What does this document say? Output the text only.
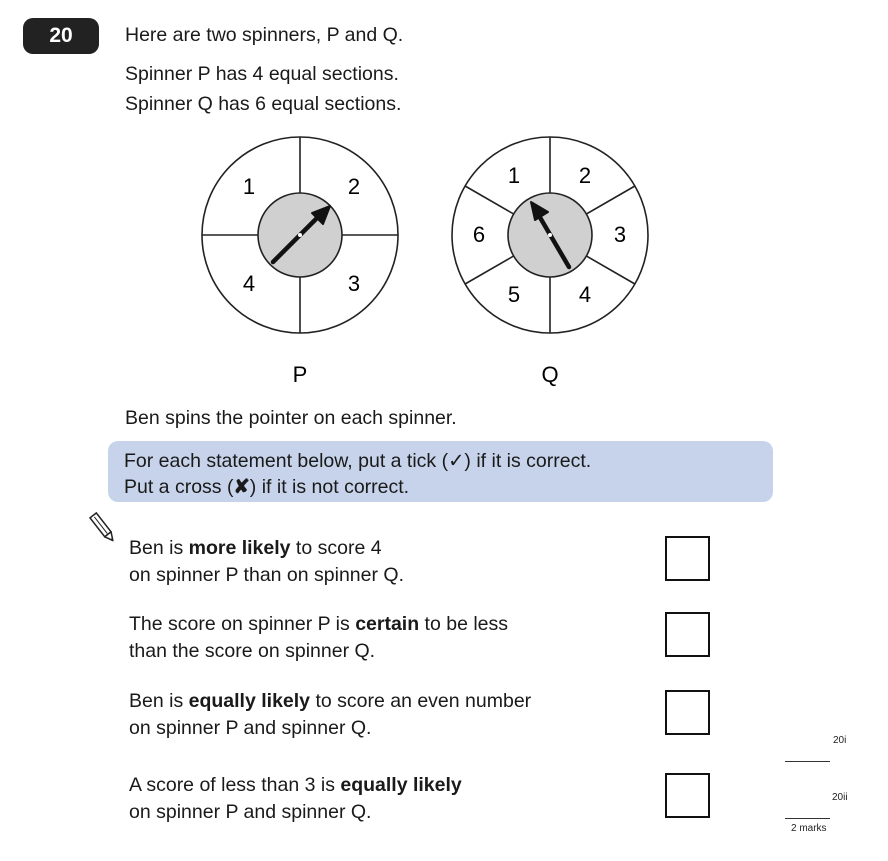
20	Here are two spinners, P and Q.
Spinner P has 4 equal sections.
Spinner Q has 6 equal sections.
1	2
3
4
P
1	2
3
4
5
6
Q
Ben spins the pointer on each spinner.
For each statement below, put a tick (✓) if it is correct.
Put a cross (✘) if it is not correct.
Ben is more likely to score 4
on spinner P than on spinner Q.
The score on spinner P is certain to be less
than the score on spinner Q.
Ben is equally likely to score an even number
on spinner P and spinner Q.
A score of less than 3 is equally likely
on spinner P and spinner Q.
20i
20ii
2 marks
